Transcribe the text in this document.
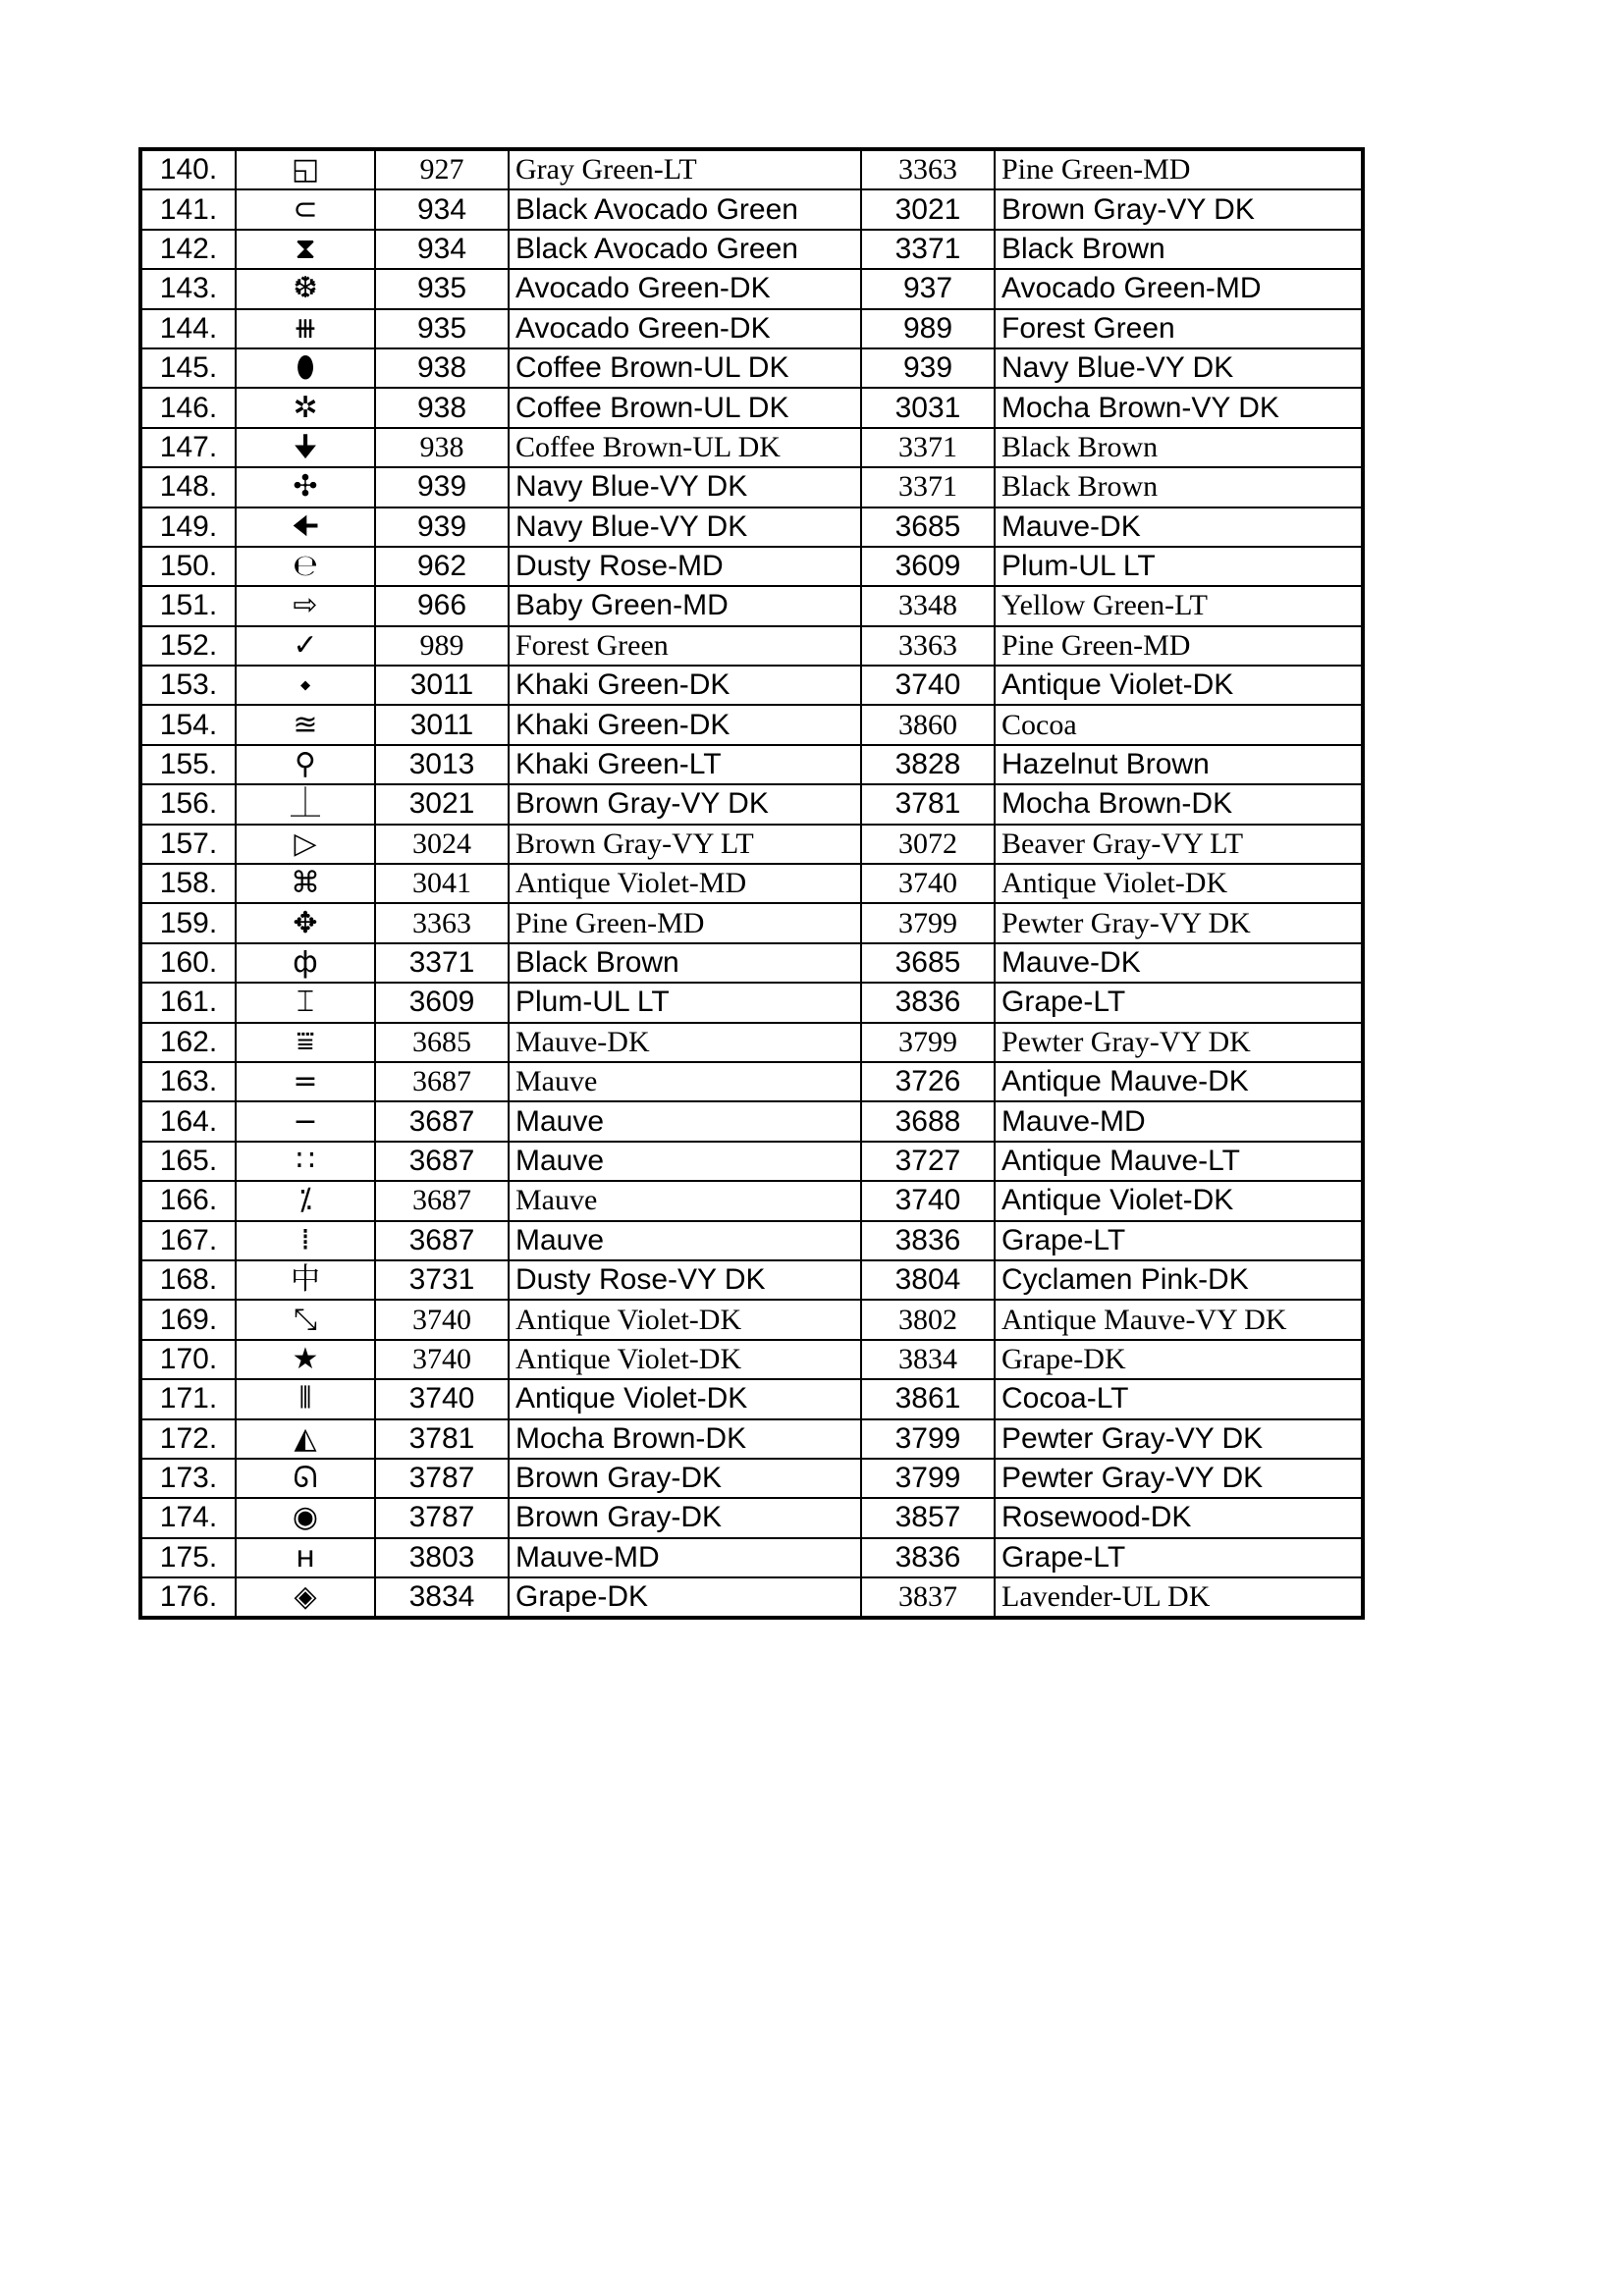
140.	◱	927	Gray Green-LT	3363	Pine Green-MD
141.	⊂	934	Black Avocado Green	3021	Brown Gray-VY DK
142.	⧗	934	Black Avocado Green	3371	Black Brown
143.	❆	935	Avocado Green-DK	937	Avocado Green-MD
144.	⧻	935	Avocado Green-DK	989	Forest Green
145.	⬮	938	Coffee Brown-UL DK	939	Navy Blue-VY DK
146.	✲	938	Coffee Brown-UL DK	3031	Mocha Brown-VY DK
147.	🠋	938	Coffee Brown-UL DK	3371	Black Brown
148.	✣	939	Navy Blue-VY DK	3371	Black Brown
149.	🠈	939	Navy Blue-VY DK	3685	Mauve-DK
150.	℮	962	Dusty Rose-MD	3609	Plum-UL LT
151.	⇨	966	Baby Green-MD	3348	Yellow Green-LT
152.	✓	989	Forest Green	3363	Pine Green-MD
153.	⬩	3011	Khaki Green-DK	3740	Antique Violet-DK
154.	≊	3011	Khaki Green-DK	3860	Cocoa
155.	⚲	3013	Khaki Green-LT	3828	Hazelnut Brown
156.	⏊	3021	Brown Gray-VY DK	3781	Mocha Brown-DK
157.	▷	3024	Brown Gray-VY LT	3072	Beaver Gray-VY LT
158.	⌘	3041	Antique Violet-MD	3740	Antique Violet-DK
159.	✥	3363	Pine Green-MD	3799	Pewter Gray-VY DK
160.	ф	3371	Black Brown	3685	Mauve-DK
161.	⌶	3609	Plum-UL LT	3836	Grape-LT
162.	⩸	3685	Mauve-DK	3799	Pewter Gray-VY DK
163.	=	3687	Mauve	3726	Antique Mauve-DK
164.	−	3687	Mauve	3688	Mauve-MD
165.	∷	3687	Mauve	3727	Antique Mauve-LT
166.	⁒	3687	Mauve	3740	Antique Violet-DK
167.	⁞	3687	Mauve	3836	Grape-LT
168.	中	3731	Dusty Rose-VY DK	3804	Cyclamen Pink-DK
169.	⤡	3740	Antique Violet-DK	3802	Antique Mauve-VY DK
170.	★	3740	Antique Violet-DK	3834	Grape-DK
171.	⦀	3740	Antique Violet-DK	3861	Cocoa-LT
172.	◭	3781	Mocha Brown-DK	3799	Pewter Gray-VY DK
173.	ᘏ	3787	Brown Gray-DK	3799	Pewter Gray-VY DK
174.	◉	3787	Brown Gray-DK	3857	Rosewood-DK
175.	н	3803	Mauve-MD	3836	Grape-LT
176.	◈	3834	Grape-DK	3837	Lavender-UL DK
